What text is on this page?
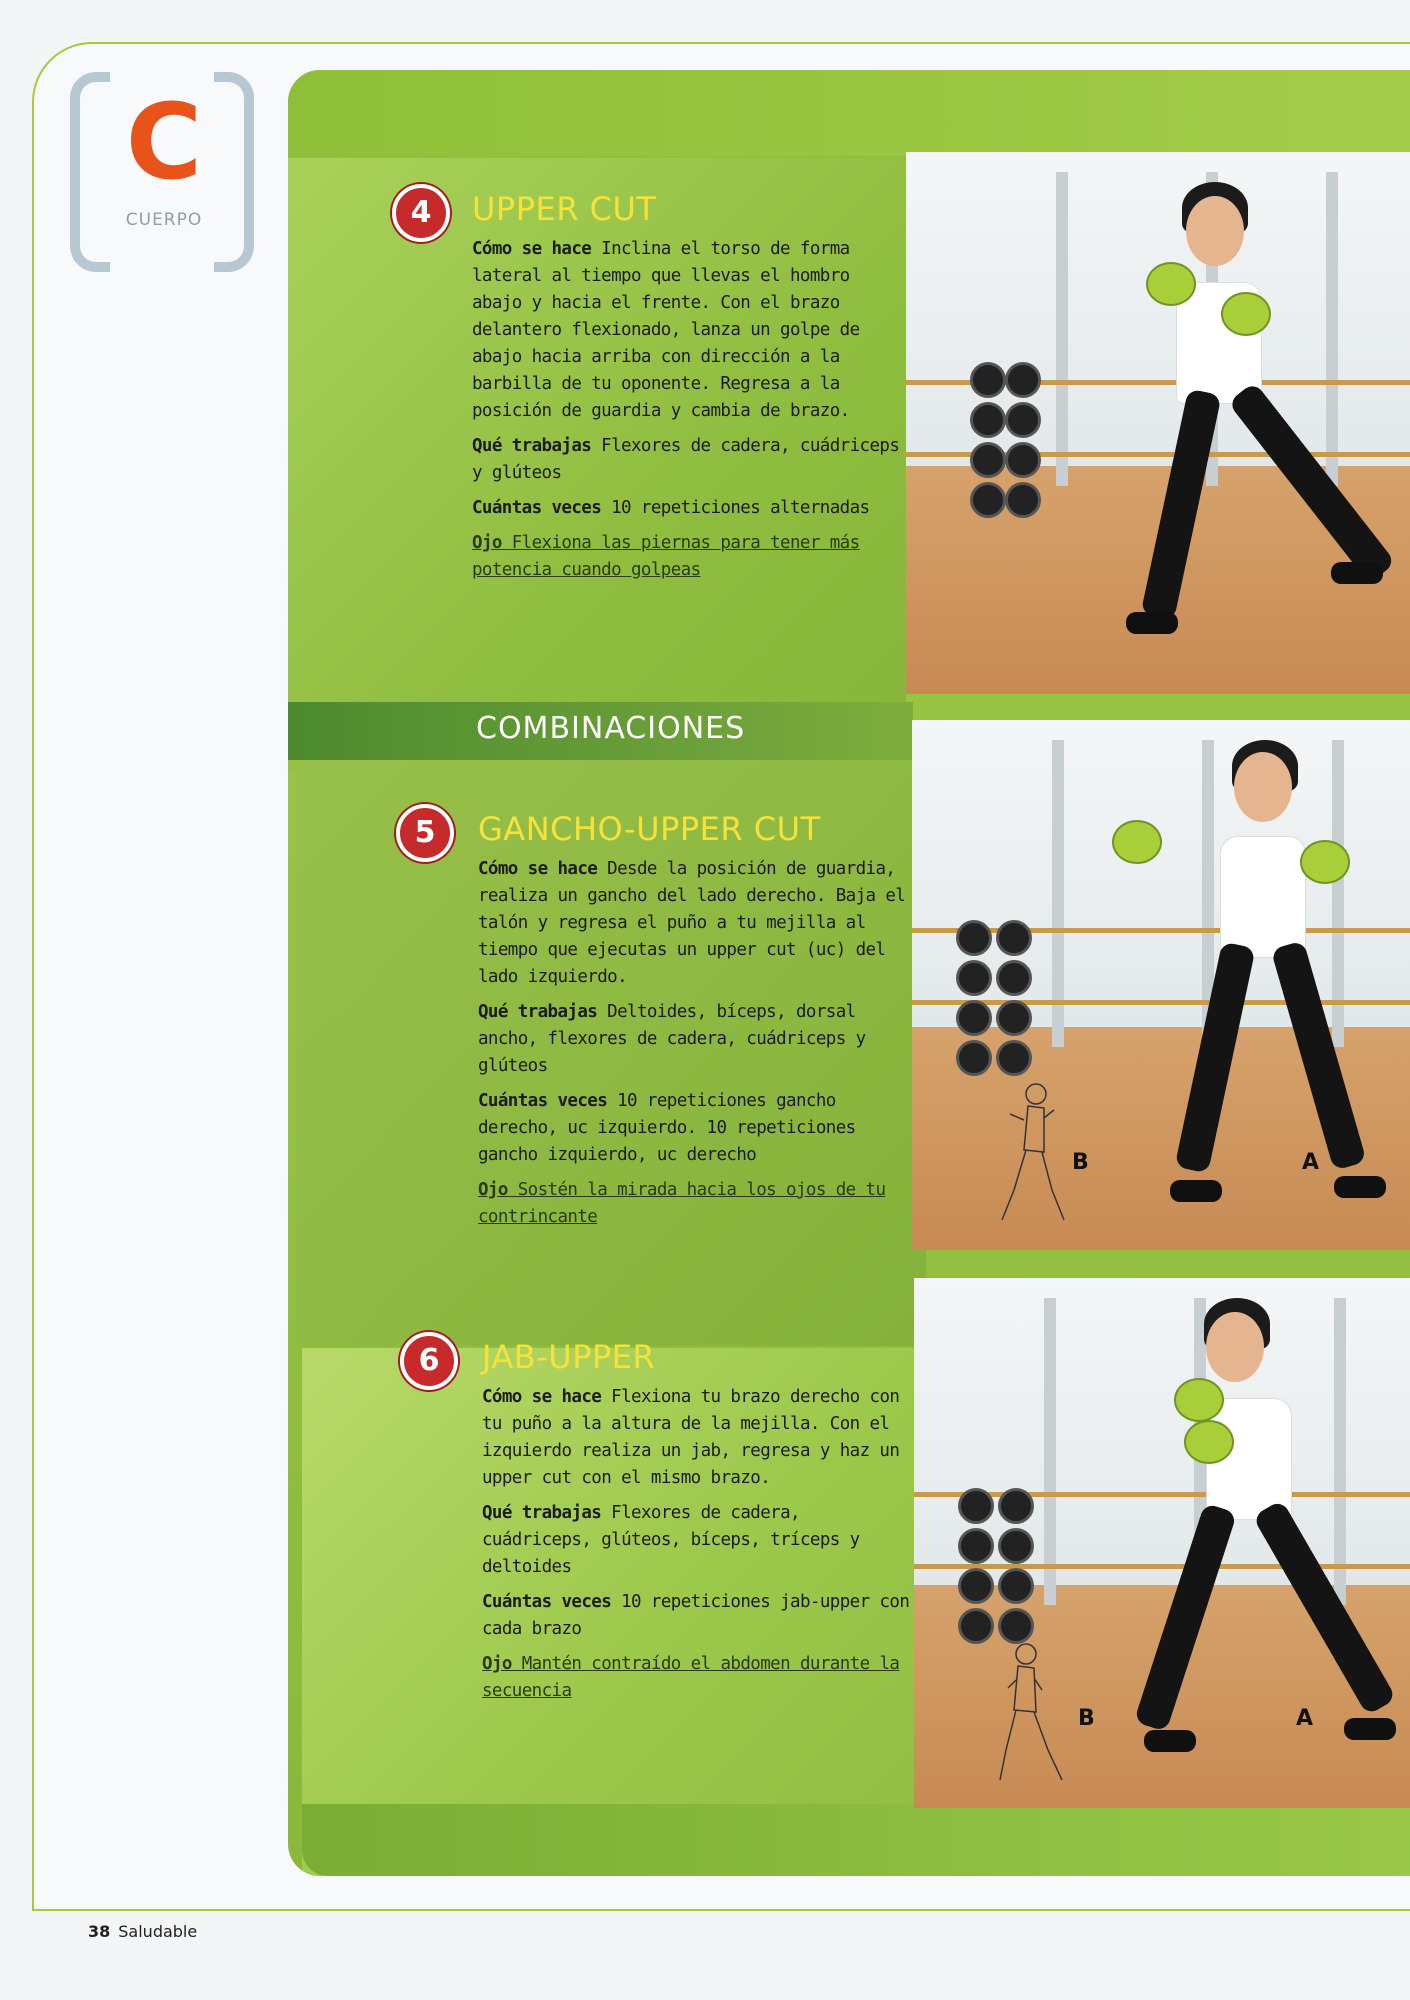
C
CUERPO
COMBINACIONES
B	A
B	A
4	UPPER CUT

Cómo se hace Inclina el torso de forma lateral al tiempo que llevas el hombro abajo y hacia el frente. Con el brazo delantero flexionado, lanza un golpe de abajo hacia arriba con dirección a la barbilla de tu oponente. Regresa a la posición de guardia y cambia de brazo.

Qué trabajas Flexores de cadera, cuádriceps y glúteos

Cuántas veces 10 repeticiones alternadas

Ojo Flexiona las piernas para tener más potencia cuando golpeas

5	GANCHO-UPPER CUT

Cómo se hace Desde la posición de guardia, realiza un gancho del lado derecho. Baja el talón y regresa el puño a tu mejilla al tiempo que ejecutas un upper cut (uc) del lado izquierdo.

Qué trabajas Deltoides, bíceps, dorsal ancho, flexores de cadera, cuádriceps y glúteos

Cuántas veces 10 repeticiones gancho derecho, uc izquierdo. 10 repeticiones gancho izquierdo, uc derecho

Ojo Sostén la mirada hacia los ojos de tu contrincante

6	JAB-UPPER

Cómo se hace Flexiona tu brazo derecho con tu puño a la altura de la mejilla. Con el izquierdo realiza un jab, regresa y haz un upper cut con el mismo brazo.

Qué trabajas Flexores de cadera, cuádriceps, glúteos, bíceps, tríceps y deltoides

Cuántas veces 10 repeticiones jab-upper con cada brazo

Ojo Mantén contraído el abdomen durante la secuencia

38 Saludable
